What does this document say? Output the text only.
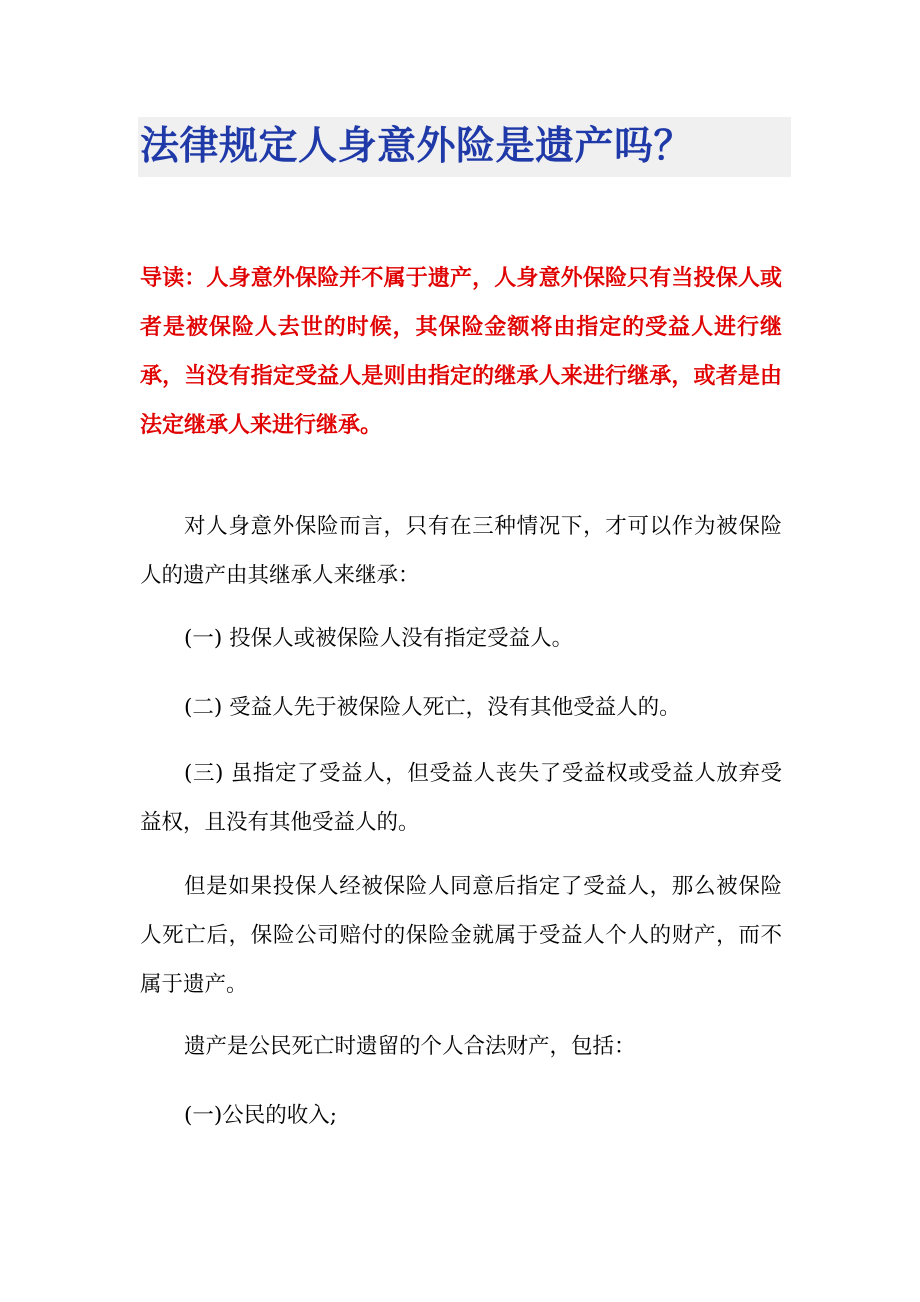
法律规定人身意外险是遗产吗？

导读：人身意外保险并不属于遗产，人身意外保险只有当投保人或者是被保险人去世的时候，其保险金额将由指定的受益人进行继承，当没有指定受益人是则由指定的继承人来进行继承，或者是由法定继承人来进行继承。

对人身意外保险而言，只有在三种情况下，才可以作为被保险人的遗产由其继承人来继承：

(一) 投保人或被保险人没有指定受益人。

(二) 受益人先于被保险人死亡，没有其他受益人的。

(三) 虽指定了受益人，但受益人丧失了受益权或受益人放弃受益权，且没有其他受益人的。

但是如果投保人经被保险人同意后指定了受益人，那么被保险人死亡后，保险公司赔付的保险金就属于受益人个人的财产，而不属于遗产。

遗产是公民死亡时遗留的个人合法财产，包括：

(一)公民的收入;
